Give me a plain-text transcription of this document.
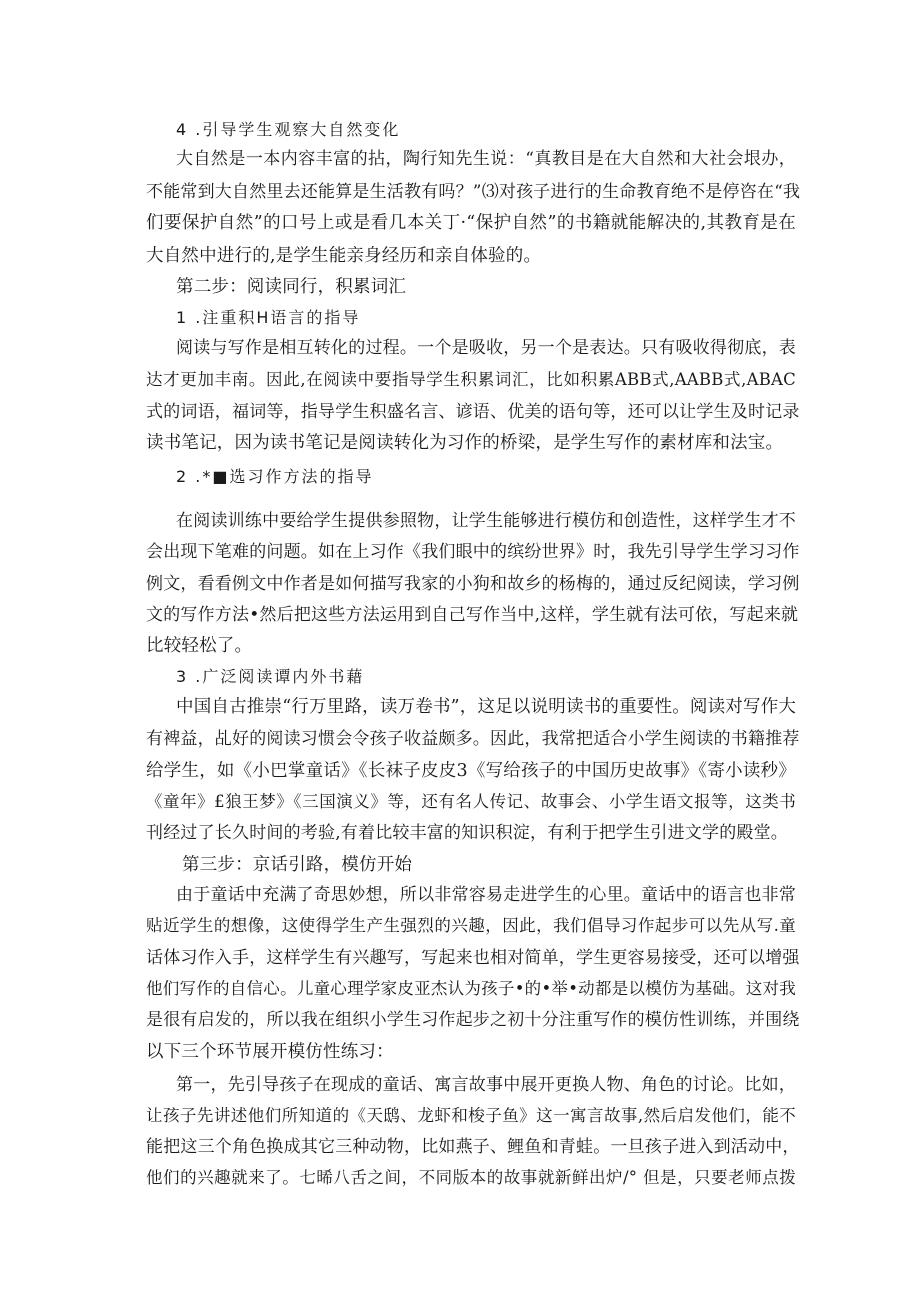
4 .引导学生观察大自然变化
大自然是一本内容丰富的拈，陶行知先生说：“真教目是在大自然和大社会垠办，
不能常到大自然里去还能算是生活教有吗？”⑶对孩子进行的生命教育绝不是停咨在“我
们要保护自然”的口号上或是看几本关丁·“保护自然”的书籍就能解决的,其教育是在
大自然中进行的,是学生能亲身经历和亲自体验的。
第二步：阅读同行，积累词汇
1 .注重积H语言的指导
阅读与写作是相互转化的过程。一个是吸收，另一个是表达。只有吸收得彻底，表
达才更加丰南。因此,在阅读中要指导学生积累词汇，比如积累ABB式,AABB式,ABAC
式的词语，福词等，指导学生积盛名言、谚语、优美的语句等，还可以让学生及时记录
读书笔记，因为读书笔记是阅读转化为习作的桥梁，是学生写作的素材库和法宝。
2 .*■选习作方法的指导
在阅读训练中要给学生提供参照物，让学生能够进行模仿和创造性，这样学生才不
会出现下笔难的问题。如在上习作《我们眼中的缤纷世界》时，我先引导学生学习习作
例文，看看例文中作者是如何描写我家的小狗和故乡的杨梅的，通过反纪阅读，学习例
文的写作方法•然后把这些方法运用到自己写作当中,这样，学生就有法可依，写起来就
比较轻松了。
3 .广泛阅读谭内外书藉
中国自古推崇“行万里路，读万卷书”，这足以说明读书的重要性。阅读对写作大
有裨益，乩好的阅读习惯会令孩子收益颇多。因此，我常把适合小学生阅读的书籍推荐
给学生，如《小巴掌童话》《长袜子皮皮3《写给孩子的中国历史故事》《寄小读秒》
《童年》£狼王梦》《三国演义》等，还有名人传记、故事会、小学生语文报等，这类书
刊经过了长久时间的考验,有着比较丰富的知识积淀，有利于把学生引进文学的殿堂。
第三步：京话引路，模仿开始
由于童话中充满了奇思妙想，所以非常容易走进学生的心里。童话中的语言也非常
贴近学生的想像，这使得学生产生强烈的兴趣，因此，我们倡导习作起步可以先从写.童
话体习作入手，这样学生有兴趣写，写起来也相对简单，学生更容易接受，还可以增强
他们写作的自信心。儿童心理学家皮亚杰认为孩子•的•举•动都是以模仿为基础。这对我
是很有启发的，所以我在组织小学生习作起步之初十分注重写作的模仿性训练，并围绕
以下三个环节展开模仿性练习：
第一，先引导孩子在现成的童话、寓言故事中展开更换人物、角色的讨论。比如，
让孩子先讲述他们所知道的《天鸱、龙虾和梭子鱼》这一寓言故事,然后启发他们，能不
能把这三个角色换成其它三种动物，比如燕子、鲤鱼和青蛙。一旦孩子进入到活动中，
他们的兴趣就来了。七晞八舌之间，不同版本的故事就新鲜出炉/° 但是，只要老师点拨
